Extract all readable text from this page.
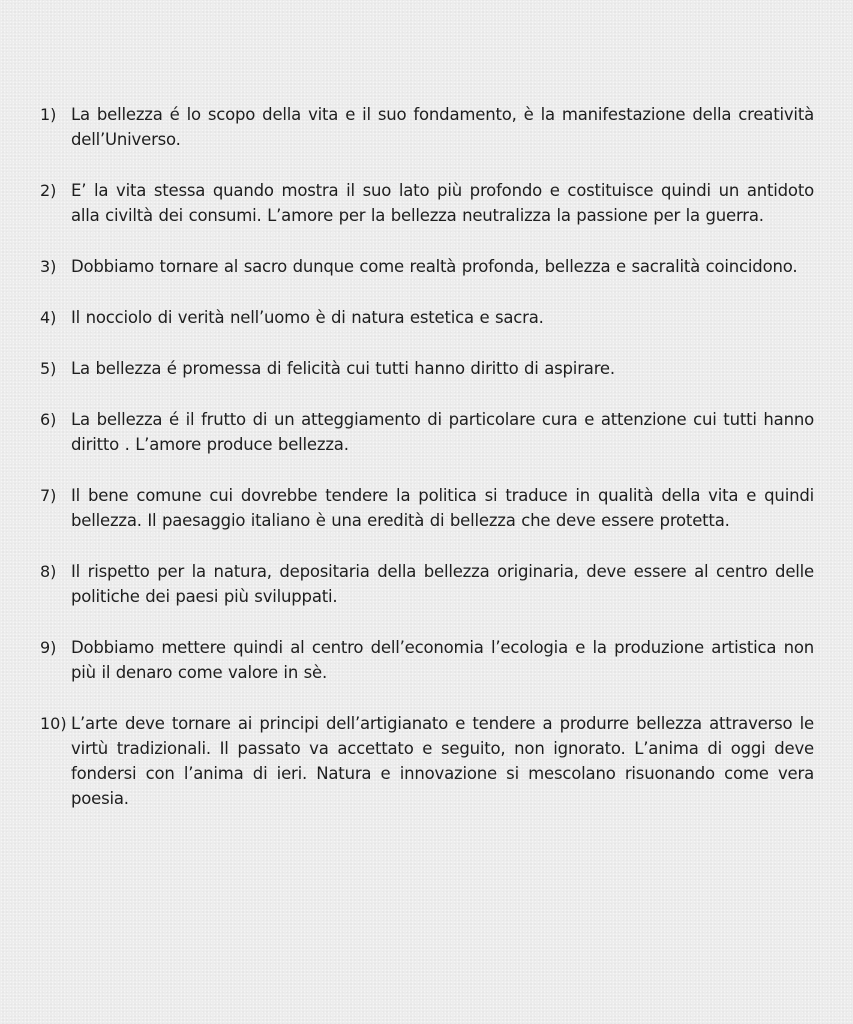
1) La bellezza é lo scopo della vita e il suo fondamento, è la manifestazione della creatività dell’Universo.
2) E’ la vita stessa quando mostra il suo lato più profondo e costituisce quindi un antidoto alla civiltà dei consumi. L’amore per la bellezza neutralizza la passione per la guerra.
3) Dobbiamo tornare al sacro dunque come realtà profonda, bellezza e sacralità coincidono.
4) Il nocciolo di verità nell’uomo è di natura estetica e sacra.
5) La bellezza é promessa di felicità cui tutti hanno diritto di aspirare.
6) La bellezza é il frutto di un atteggiamento di particolare cura e attenzione cui tutti hanno diritto . L’amore produce bellezza.
7) Il bene comune cui dovrebbe tendere la politica si traduce in qualità della vita e quindi bellezza. Il paesaggio italiano è una eredità di bellezza che deve essere protetta.
8) Il rispetto per la natura, depositaria della bellezza originaria, deve essere al centro delle politiche dei paesi più sviluppati.
9) Dobbiamo mettere quindi al centro dell’economia l’ecologia e la produzione artistica non più il denaro come valore in sè.
10) L’arte deve tornare ai principi dell’artigianato e tendere a produrre bellezza attraverso le virtù tradizionali. Il passato va accettato e seguito, non ignorato. L’anima di oggi deve fondersi con l’anima di ieri. Natura e innovazione si mescolano risuonando come vera poesia.
